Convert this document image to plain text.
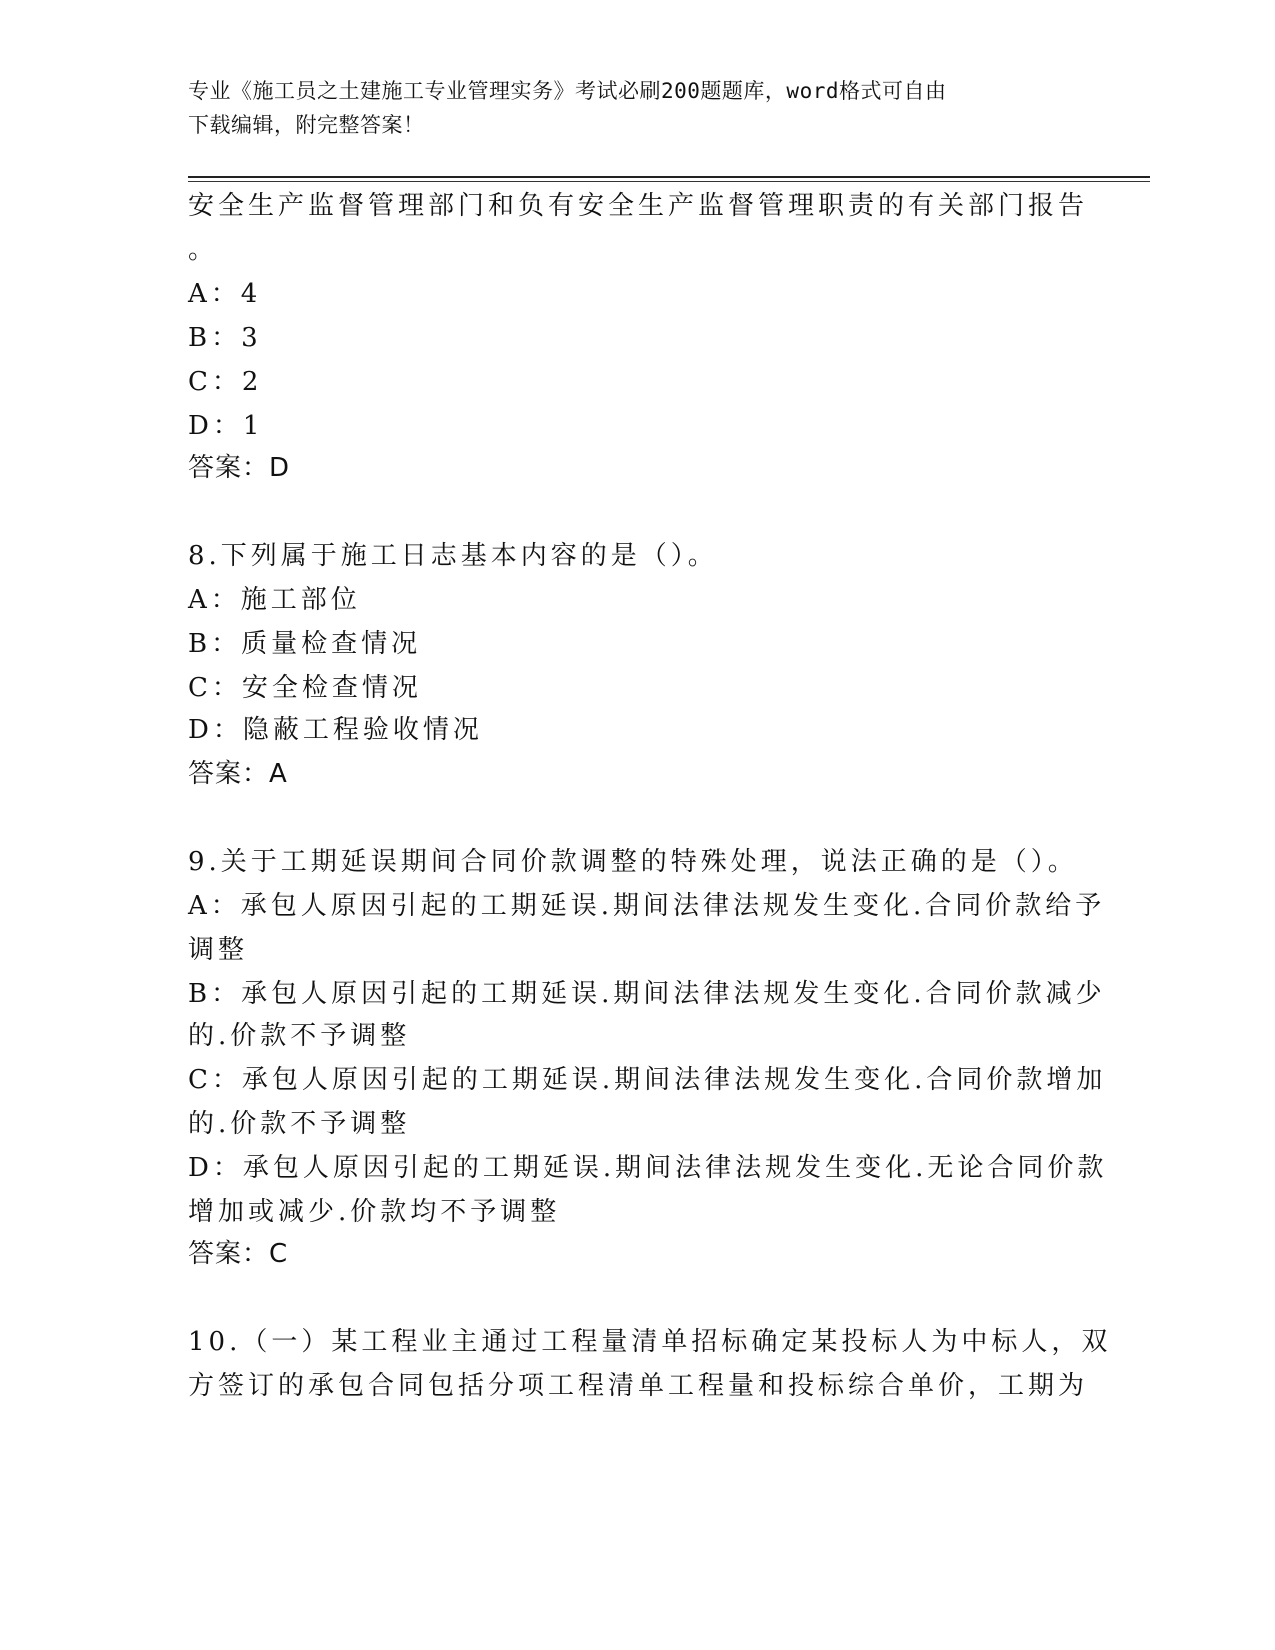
专业《施工员之土建施工专业管理实务》考试必刷200题题库，word格式可自由
下载编辑，附完整答案！
安全生产监督管理部门和负有安全生产监督管理职责的有关部门报告
。
A：4
B：3
C：2
D：1
答案：D
8.下列属于施工日志基本内容的是（）。
A：施工部位
B：质量检查情况
C：安全检查情况
D：隐蔽工程验收情况
答案：A
9.关于工期延误期间合同价款调整的特殊处理，说法正确的是（）。
A：承包人原因引起的工期延误.期间法律法规发生变化.合同价款给予
调整
B：承包人原因引起的工期延误.期间法律法规发生变化.合同价款减少
的.价款不予调整
C：承包人原因引起的工期延误.期间法律法规发生变化.合同价款增加
的.价款不予调整
D：承包人原因引起的工期延误.期间法律法规发生变化.无论合同价款
增加或减少.价款均不予调整
答案：C
10.（一）某工程业主通过工程量清单招标确定某投标人为中标人，双
方签订的承包合同包括分项工程清单工程量和投标综合单价，工期为
